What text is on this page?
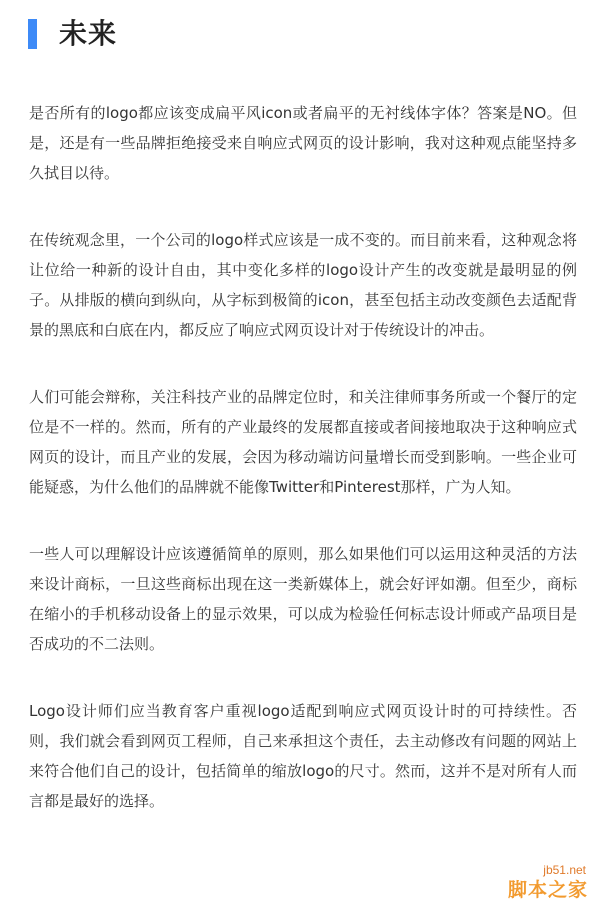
未来

是否所有的logo都应该变成扁平风icon或者扁平的无衬线体字体？答案是NO。但是，还是有一些品牌拒绝接受来自响应式网页的设计影响，我对这种观点能坚持多久拭目以待。

在传统观念里，一个公司的logo样式应该是一成不变的。而目前来看，这种观念将让位给一种新的设计自由，其中变化多样的logo设计产生的改变就是最明显的例子。从排版的横向到纵向，从字标到极简的icon，甚至包括主动改变颜色去适配背景的黑底和白底在内，都反应了响应式网页设计对于传统设计的冲击。

人们可能会辩称，关注科技产业的品牌定位时，和关注律师事务所或一个餐厅的定位是不一样的。然而，所有的产业最终的发展都直接或者间接地取决于这种响应式网页的设计，而且产业的发展，会因为移动端访问量增长而受到影响。一些企业可能疑惑，为什么他们的品牌就不能像Twitter和Pinterest那样，广为人知。

一些人可以理解设计应该遵循简单的原则，那么如果他们可以运用这种灵活的方法来设计商标，一旦这些商标出现在这一类新媒体上，就会好评如潮。但至少，商标在缩小的手机移动设备上的显示效果，可以成为检验任何标志设计师或产品项目是否成功的不二法则。

Logo设计师们应当教育客户重视logo适配到响应式网页设计时的可持续性。否则，我们就会看到网页工程师，自己来承担这个责任，去主动修改有问题的网站上来符合他们自己的设计，包括简单的缩放logo的尺寸。然而，这并不是对所有人而言都是最好的选择。

jb51.net
脚本之家
